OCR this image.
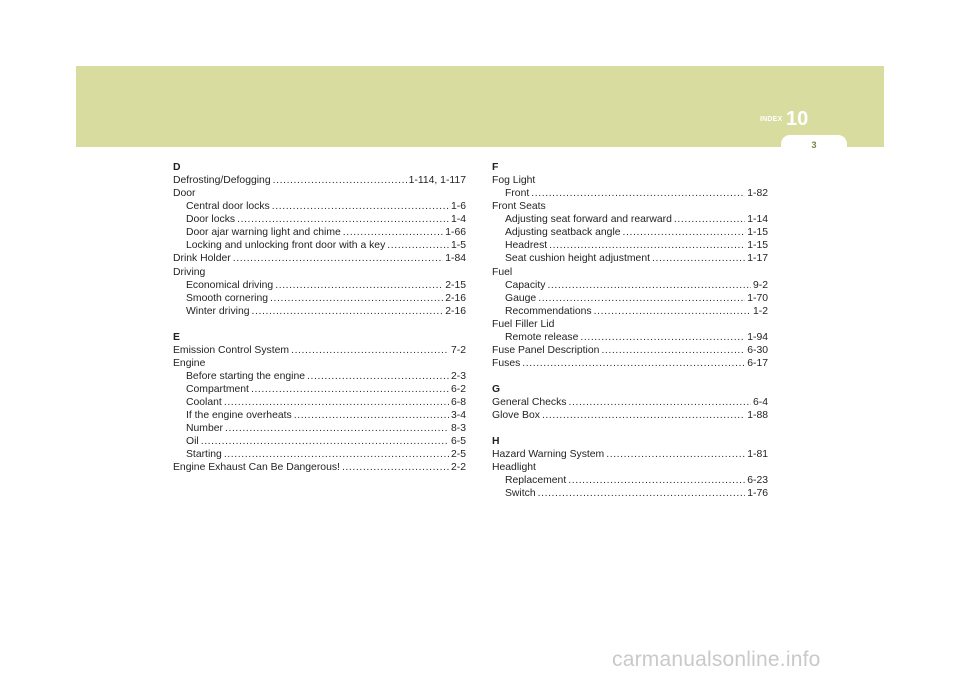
INDEX 10
3
D
Defrosting/Defogging .....	1-114, 1-117
Door
Central door locks .....	1-6
Door locks .....	1-4
Door ajar warning light and chime .....	1-66
Locking and unlocking front door with a key .....	1-5
Drink Holder .....	1-84
Driving
Economical driving .....	2-15
Smooth cornering .....	2-16
Winter driving .....	2-16
E
Emission Control System .....	7-2
Engine
Before starting the engine .....	2-3
Compartment .....	6-2
Coolant .....	6-8
If the engine overheats .....	3-4
Number .....	8-3
Oil .....	6-5
Starting .....	2-5
Engine Exhaust Can Be Dangerous! .....	2-2
F
Fog Light
Front .....	1-82
Front Seats
Adjusting seat forward and rearward .....	1-14
Adjusting seatback angle .....	1-15
Headrest .....	1-15
Seat cushion height adjustment .....	1-17
Fuel
Capacity .....	9-2
Gauge .....	1-70
Recommendations .....	1-2
Fuel Filler Lid
Remote release .....	1-94
Fuse Panel Description .....	6-30
Fuses .....	6-17
G
General Checks .....	6-4
Glove Box .....	1-88
H
Hazard Warning System .....	1-81
Headlight
Replacement .....	6-23
Switch .....	1-76
carmanualsonline.info
